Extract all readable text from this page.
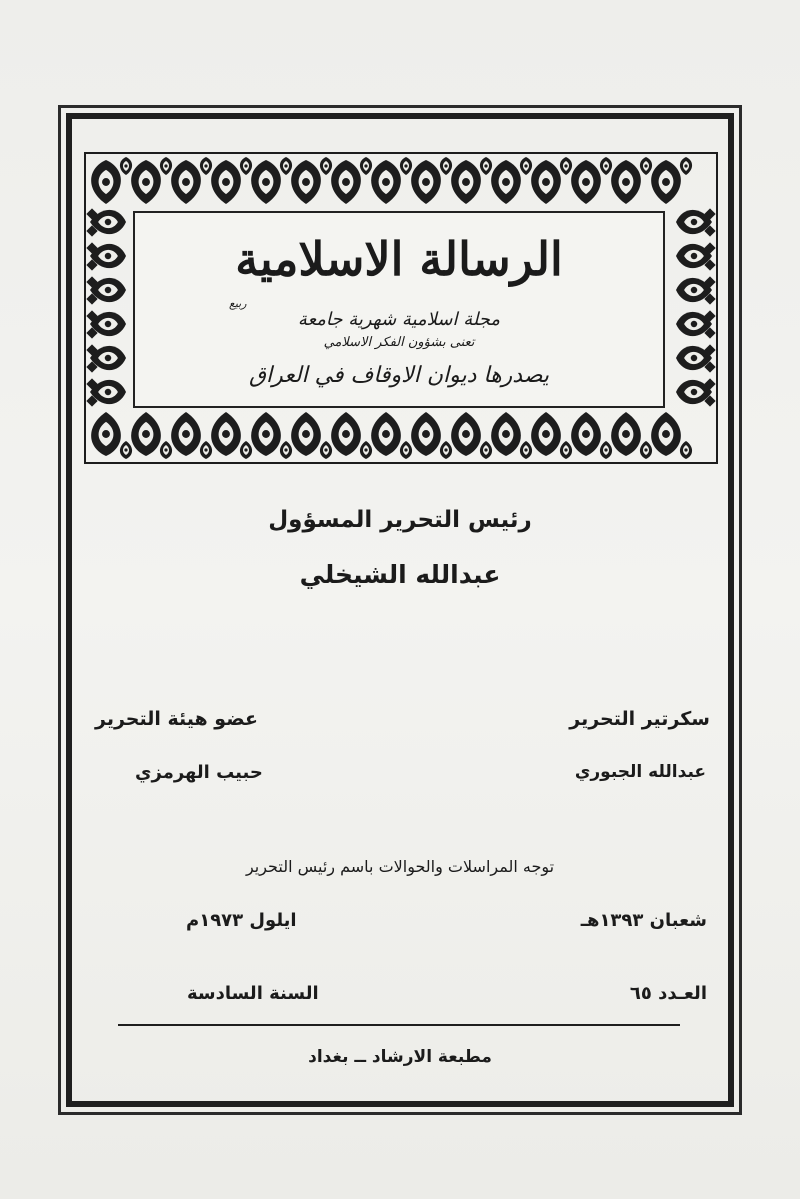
الرسالة الاسلامية
ربيع
مجلة اسلامية شهرية جامعة
تعنى بشؤون الفكر الاسلامي
يصدرها ديوان الاوقاف في العراق
رئيس التحرير المسؤول
عبدالله الشيخلي
سكرتير التحرير
عبدالله الجبوري
عضو هيئة التحرير
حبيب الهرمزي
توجه المراسلات والحوالات باسم رئيس التحرير
شعبان ١٣٩٣هـ
ايلول ١٩٧٣م
العـدد ٦٥
السنة السادسة
مطبعة الارشاد ــ بغداد
